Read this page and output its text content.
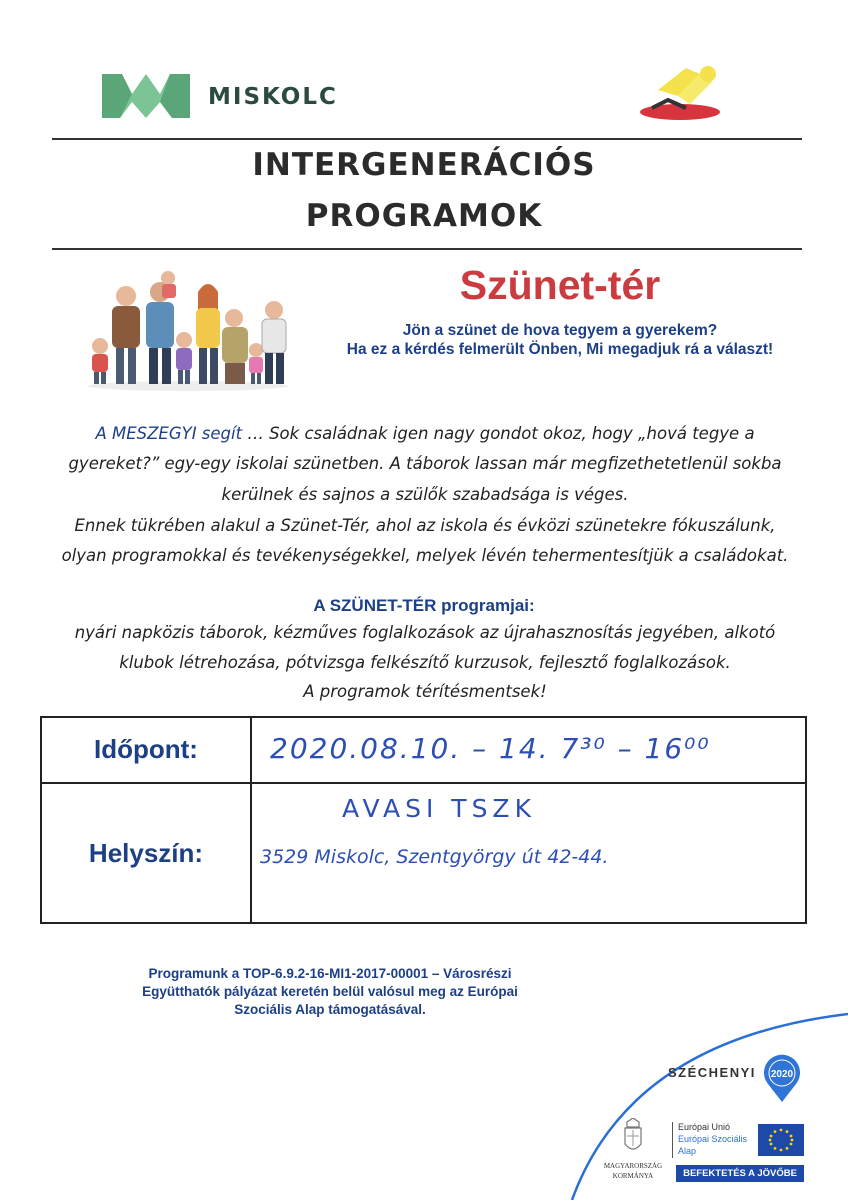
MISKOLC
INTERGENERÁCIÓS
PROGRAMOK
Szünet-tér
Jön a szünet de hova tegyem a gyerekem?
Ha ez a kérdés felmerült Önben, Mi megadjuk rá a választ!
A MESZEGYI segít … Sok családnak igen nagy gondot okoz, hogy „hová tegye a
gyereket?” egy-egy iskolai szünetben. A táborok lassan már megfizethetetlenül sokba
kerülnek és sajnos a szülők szabadsága is véges.
Ennek tükrében alakul a Szünet-Tér, ahol az iskola és évközi szünetekre fókuszálunk,
olyan programokkal és tevékenységekkel, melyek lévén tehermentesítjük a családokat.
A SZÜNET-TÉR programjai:
nyári napközis táborok, kézműves foglalkozások az újrahasznosítás jegyében, alkotó
klubok létrehozása, pótvizsga felkészítő kurzusok, fejlesztő foglalkozások.
A programok térítésmentsek!
Időpont:	2020.08.10. – 14. 7³⁰ – 16⁰⁰
Helyszín:
AVASI TSZK
3529 Miskolc, Szentgyörgy út 42-44.
Programunk a TOP-6.9.2-16-MI1-2017-00001 – Városrészi
Együtthatók pályázat keretén belül valósul meg az Európai
Szociális Alap támogatásával.
SZÉCHENYI 2020
Európai Unió
Európai Szociális
Alap
BEFEKTETÉS A JÖVŐBE
MAGYARORSZÁG
KORMÁNYA
